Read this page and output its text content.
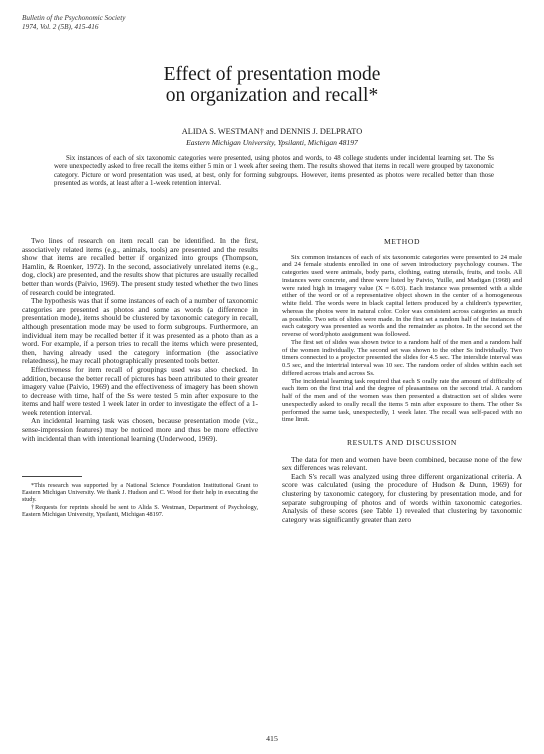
Bulletin of the Psychonomic Society
1974, Vol. 2 (5B), 415-416
Effect of presentation mode
on organization and recall*
ALIDA S. WESTMAN† and DENNIS J. DELPRATO
Eastern Michigan University, Ypsilanti, Michigan 48197

Six instances of each of six taxonomic categories were presented, using photos and words, to 48 college students under incidental learning set. The Ss were unexpectedly asked to free recall the items either 5 min or 1 week after seeing them. The results showed that items in recall were grouped by taxonomic category. Picture or word presentation was used, at best, only for forming subgroups. However, items presented as photos were recalled better than those presented as words, at least after a 1-week retention interval.

Two lines of research on item recall can be identified. In the first, associatively related items (e.g., animals, tools) are presented and the results show that items are recalled better if organized into groups (Thompson, Hamlin, & Roenker, 1972). In the second, associatively unrelated items (e.g., dog, clock) are presented, and the results show that pictures are usually recalled better than words (Paivio, 1969). The present study tested whether the two lines of research could be integrated.

The hypothesis was that if some instances of each of a number of taxonomic categories are presented as photos and some as words (a difference in presentation mode), items should be clustered by taxonomic category in recall, although presentation mode may be used to form subgroups. Furthermore, an individual item may be recalled better if it was presented as a photo than as a word. For example, if a person tries to recall the items which were presented, then, having already used the category information (the associative relatedness), he may recall photographically presented tools better.

Effectiveness for item recall of groupings used was also checked. In addition, because the better recall of pictures has been attributed to their greater imagery value (Paivio, 1969) and the effectiveness of imagery has been shown to decrease with time, half of the Ss were tested 5 min after exposure to the items and half were tested 1 week later in order to investigate the effect of a 1-week retention interval.

An incidental learning task was chosen, because presentation mode (viz., sense-impression features) may be noticed more and thus be more effective with incidental than with intentional learning (Underwood, 1969).

*This research was supported by a National Science Foundation Institutional Grant to Eastern Michigan University. We thank J. Hudson and C. Wood for their help in executing the study.

†Requests for reprints should be sent to Alida S. Westman, Department of Psychology, Eastern Michigan University, Ypsilanti, Michigan 48197.

METHOD

Six common instances of each of six taxonomic categories were presented to 24 male and 24 female students enrolled in one of seven introductory psychology courses. The categories used were animals, body parts, clothing, eating utensils, fruits, and tools. All instances were concrete, and three were listed by Paivio, Yuille, and Madigan (1968) and were rated high in imagery value (X = 6.03). Each instance was presented with a slide either of the word or of a representative object shown in the center of a homogeneous white field. The words were in black capital letters produced by a children's typewriter, whereas the photos were in natural color. Color was consistent across categories as much as possible. Two sets of slides were made. In the first set a random half of the instances of each category was presented as words and the remainder as photos. In the second set the reverse of word/photo assignment was followed.

The first set of slides was shown twice to a random half of the men and a random half of the women individually. The second set was shown to the other Ss individually. Two timers connected to a projector presented the slides for 4.5 sec. The interslide interval was 0.5 sec, and the intertrial interval was 10 sec. The random order of slides within each set differed across trials and across Ss.

The incidental learning task required that each S orally rate the amount of difficulty of each item on the first trial and the degree of pleasantness on the second trial. A random half of the men and of the women was then presented a distraction set of slides were unexpectedly asked to orally recall the items 5 min after exposure to them. The other Ss performed the same task, unexpectedly, 1 week later. The recall was self-paced with no time limit.

RESULTS AND DISCUSSION

The data for men and women have been combined, because none of the few sex differences was relevant.

Each S's recall was analyzed using three different organizational criteria. A score was calculated (using the procedure of Hudson & Dunn, 1969) for clustering by taxonomic category, for clustering by presentation mode, and for separate subgrouping of photos and of words within taxonomic categories. Analysis of these scores (see Table 1) revealed that clustering by taxonomic category was significantly greater than zero

415
